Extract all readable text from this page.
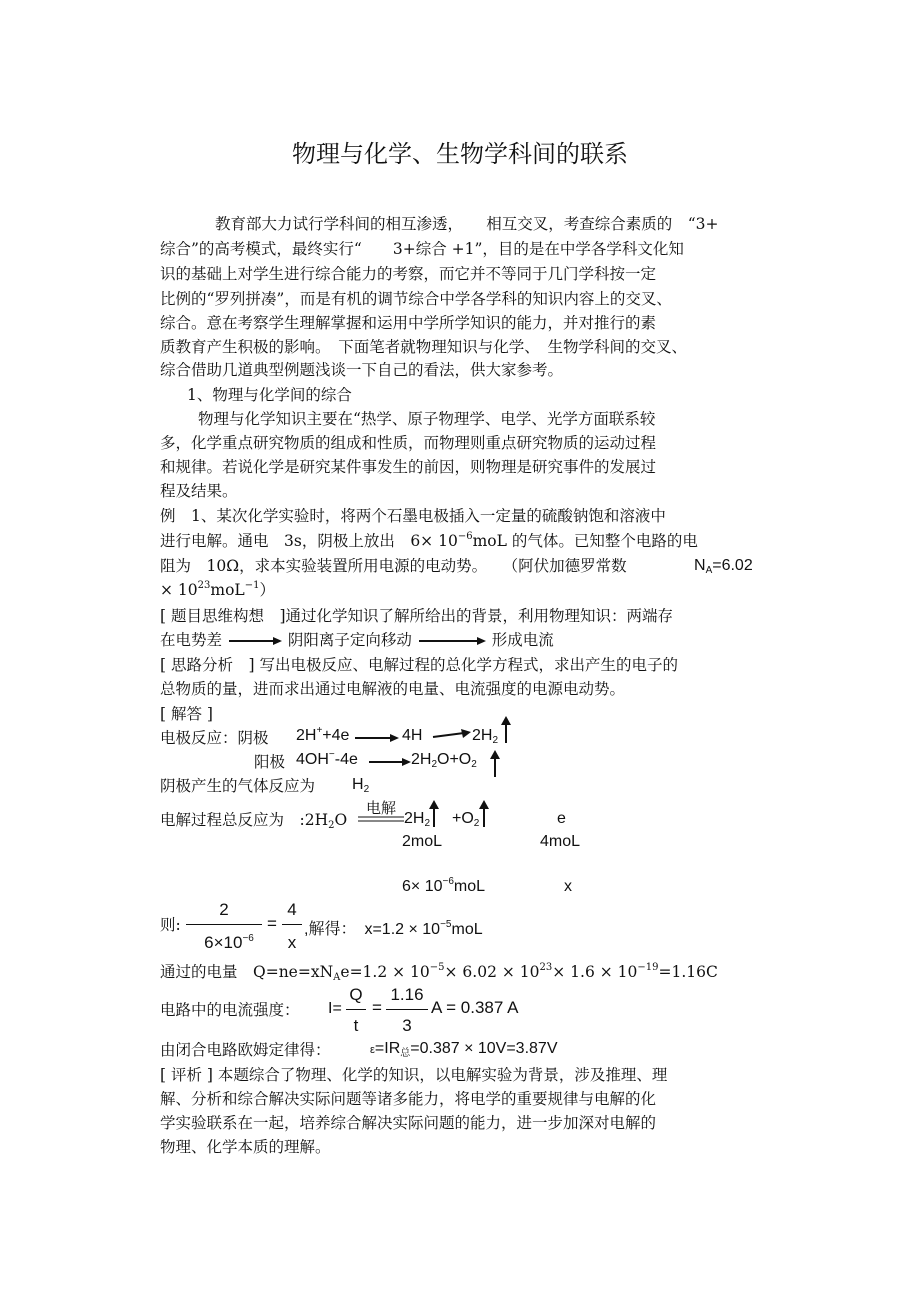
物理与化学、生物学科间的联系
教育部大力试行学科间的相互渗透，　　相互交叉，考查综合素质的　“3+
综合”的高考模式，最终实行“　　3+综合 +1”，目的是在中学各学科文化知
识的基础上对学生进行综合能力的考察，而它并不等同于几门学科按一定
比例的“罗列拼凑”，而是有机的调节综合中学各学科的知识内容上的交叉、
综合。意在考察学生理解掌握和运用中学所学知识的能力，并对推行的素
质教育产生积极的影响。　下面笔者就物理知识与化学、　生物学科间的交叉、
综合借助几道典型例题浅谈一下自己的看法，供大家参考。
1、物理与化学间的综合
物理与化学知识主要在“热学、原子物理学、电学、光学方面联系较
多，化学重点研究物质的组成和性质，而物理则重点研究物质的运动过程
和规律。若说化学是研究某件事发生的前因，则物理是研究事件的发展过
程及结果。
例　1、某次化学实验时，将两个石墨电极插入一定量的硫酸钠饱和溶液中
进行电解。通电　3s，阴极上放出　$6\times 10^{-6}moL$ 的气体。已知整个电路的电
阻为　10Ω，求本实验装置所用电源的电动势。　　（阿伏加德罗常数	$N_A=6.02$
× $10^{23}moL^{-1}$）
[ 题目思维构想　]通过化学知识了解所给出的背景，利用物理知识：两端存
在电势差	阴阳离子定向移动	形成电流
[ 思路分析　] 写出电极反应、电解过程的总化学方程式，求出产生的电子的
总物质的量，进而求出通过电解液的电量、电流强度的电源电动势。
[ 解答 ]
电极反应：阴极 2H++4e	4H	$2H_2$
阳极 4OH−-4e	$2H_2O+O_2$
阴极产生的气体反应为 $H_2$
电解过程总反应为　$:2H_2O$
电解
$2H_2 +O_2$	e
2moL	4moL
$6\times 10^{-6}moL$	x
则:
2
$6\times 10^{-6}$
=
4
x
,解得：　$x=1.2 \times 10^{-5}moL$
通过的电量　$Q=ne=xN_Ae=1.2 \times 10^{-5}\times 6.02 \times 10^{23}\times 1.6 \times 10^{-19}=1.16C$
电路中的电流强度： I=
Q
t
=
1.16
3
A = 0.387 A
由闭合电路欧姆定律得：	$\varepsilon=IR_总=0.387 \times 10V=3.87V$
[ 评析 ] 本题综合了物理、化学的知识，以电解实验为背景，涉及推理、理
解、分析和综合解决实际问题等诸多能力，将电学的重要规律与电解的化
学实验联系在一起，培养综合解决实际问题的能力，进一步加深对电解的
物理、化学本质的理解。
